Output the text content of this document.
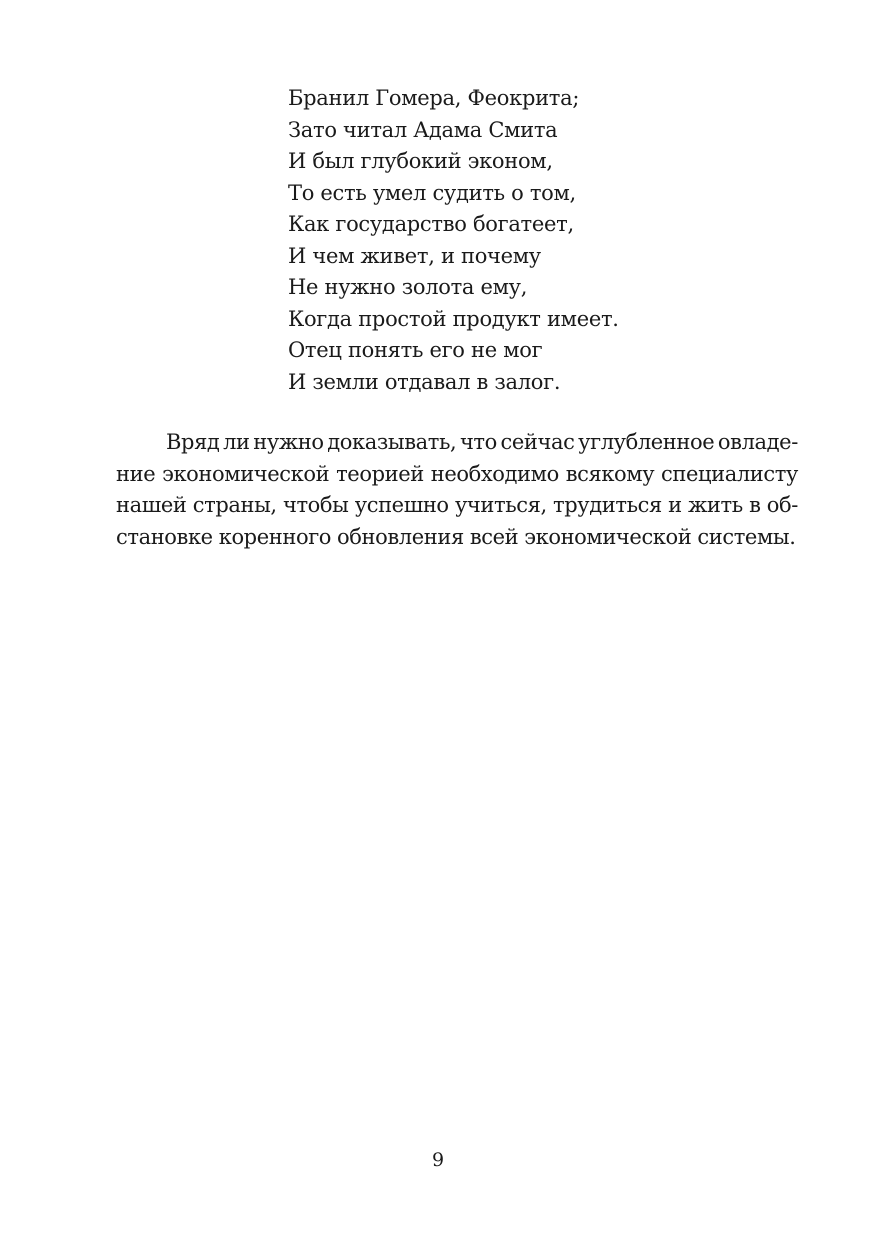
Бранил Гомера, Феокрита;
Зато читал Адама Смита
И был глубокий эконом,
То есть умел судить о том,
Как государство богатеет,
И чем живет, и почему
Не нужно золота ему,
Когда простой продукт имеет.
Отец понять его не мог
И земли отдавал в залог.
Вряд ли нужно доказывать, что сейчас углубленное овладе-
ние экономической теорией необходимо всякому специалисту
нашей страны, чтобы успешно учиться, трудиться и жить в об-
становке коренного обновления всей экономической системы.
9
